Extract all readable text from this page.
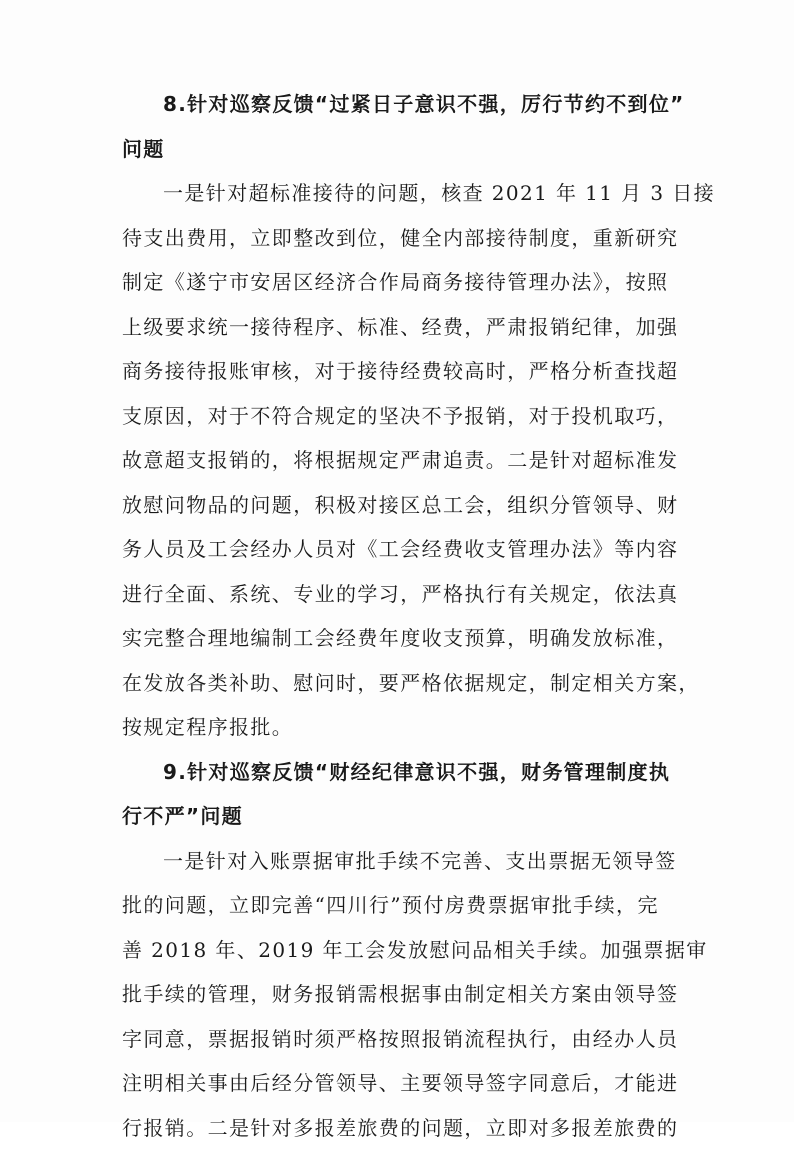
8.针对巡察反馈“过紧日子意识不强，厉行节约不到位”
问题

一是针对超标准接待的问题，核查 2021 年 11 月 3 日接
待支出费用，立即整改到位，健全内部接待制度，重新研究
制定《遂宁市安居区经济合作局商务接待管理办法》，按照
上级要求统一接待程序、标准、经费，严肃报销纪律，加强
商务接待报账审核，对于接待经费较高时，严格分析查找超
支原因，对于不符合规定的坚决不予报销，对于投机取巧，
故意超支报销的，将根据规定严肃追责。二是针对超标准发
放慰问物品的问题，积极对接区总工会，组织分管领导、财
务人员及工会经办人员对《工会经费收支管理办法》等内容
进行全面、系统、专业的学习，严格执行有关规定，依法真
实完整合理地编制工会经费年度收支预算，明确发放标准，
在发放各类补助、慰问时，要严格依据规定，制定相关方案，
按规定程序报批。

9.针对巡察反馈“财经纪律意识不强，财务管理制度执
行不严”问题

一是针对入账票据审批手续不完善、支出票据无领导签
批的问题，立即完善“四川行”预付房费票据审批手续，完
善 2018 年、2019 年工会发放慰问品相关手续。加强票据审
批手续的管理，财务报销需根据事由制定相关方案由领导签
字同意，票据报销时须严格按照报销流程执行，由经办人员
注明相关事由后经分管领导、主要领导签字同意后，才能进
行报销。二是针对多报差旅费的问题，立即对多报差旅费的
